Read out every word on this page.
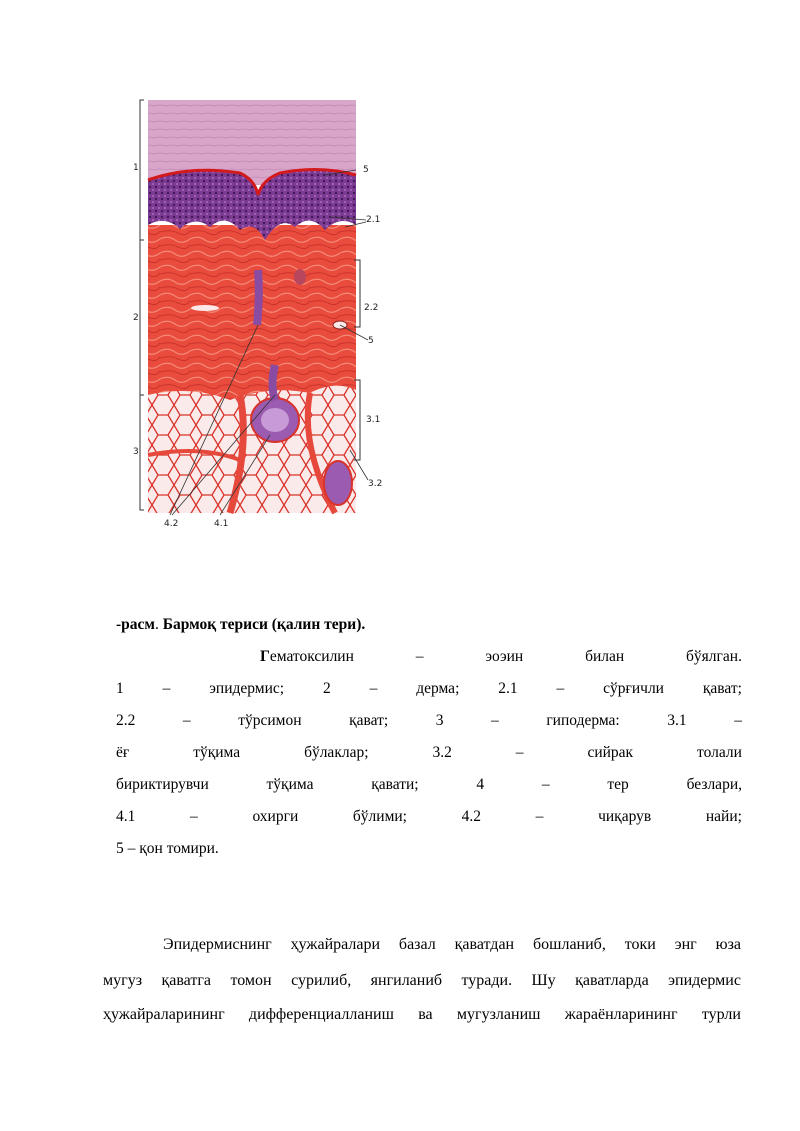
1
2
3
5
2.1
2.2
5
3.1
3.2
4.2	4.1
-расм. Бармоқ териси (қалин тери).
Гематоксилин	–	эоэин	билан	бўялган.
1	–	эпидермис;	2	–	дерма;	2.1	–	сўрғичли	қават;
2.2	–	тўрсимон	қават;	3	–	гиподерма:	3.1	–
ёғ	тўқима	бўлаклар;	3.2	–	сийрак	толали
бириктирувчи	тўқима	қавати;	4	–	тер	безлари,
4.1	–	охирги	бўлими;	4.2	–	чиқарув	найи;
5 – қон томири.
Эпидермиснинг ҳужайралари базал қаватдан бошланиб, токи энг юза
мугуз қаватга томон сурилиб, янгиланиб туради. Шу қаватларда эпидермис
ҳужайраларининг дифференциалланиш ва мугузланиш жараёнларининг турли
